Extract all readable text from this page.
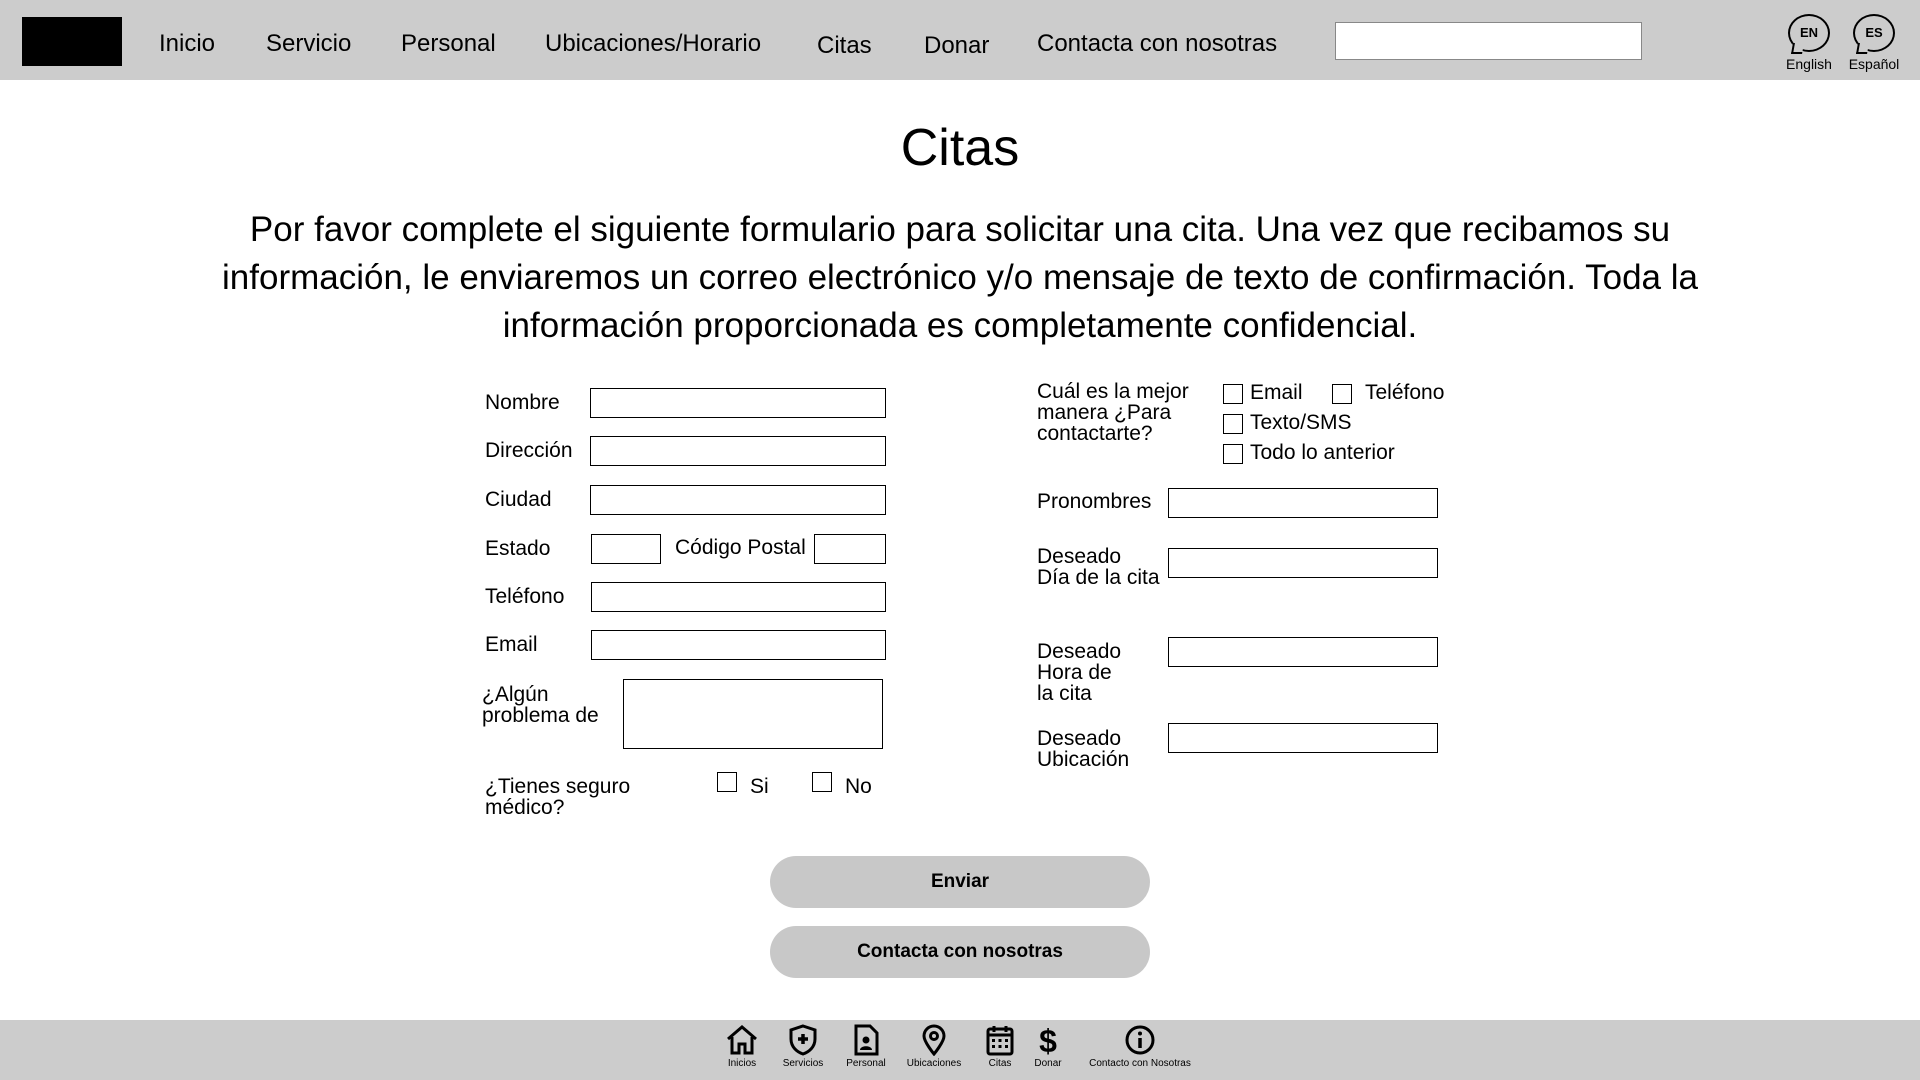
Inicio Servicio Personal Ubicaciones/Horario Citas Donar Contacta con nosotras	EN
English
ES
Español
Citas
Por favor complete el siguiente formulario para solicitar una cita. Una vez que recibamos su información, le enviaremos un correo electrónico y/o mensaje de texto de confirmación. Toda la información proporcionada es completamente confidencial.
Nombre
Dirección
Ciudad
Estado	Código Postal
Teléfono
Email
¿Algún
problema de
¿Tienes seguro
médico?
Si	No
Cuál es la mejor
manera ¿Para
contactarte?
Email	Teléfono
Texto/SMS
Todo lo anterior
Pronombres
Deseado
Día de la cita
Deseado
Hora de
la cita
Deseado
Ubicación
Enviar
Contacta con nosotras
Inicios	Servicios	Personal	Ubicaciones	Citas
$
Donar	Contacto con Nosotras
